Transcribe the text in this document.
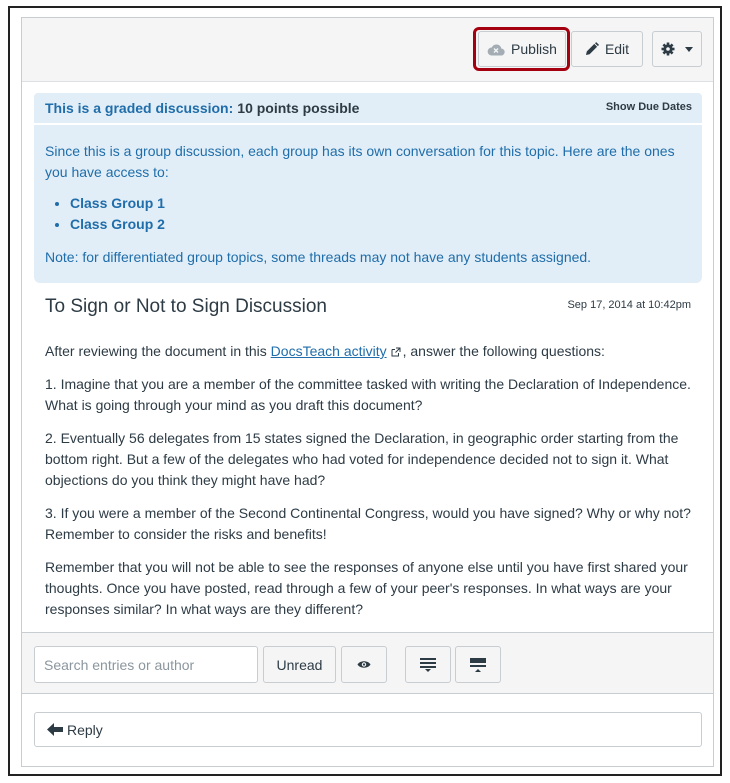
Publish	Edit
This is a graded discussion: 10 points possible	Show Due Dates
Since this is a group discussion, each group has its own conversation for this topic. Here are the ones you have access to:
• Class Group 1
• Class Group 2
Note: for differentiated group topics, some threads may not have any students assigned.
To Sign or Not to Sign Discussion	Sep 17, 2014 at 10:42pm

After reviewing the document in this DocsTeach activity , answer the following questions:

1. Imagine that you are a member of the committee tasked with writing the Declaration of Independence. What is going through your mind as you draft this document?

2. Eventually 56 delegates from 15 states signed the Declaration, in geographic order starting from the bottom right. But a few of the delegates who had voted for independence decided not to sign it. What objections do you think they might have had?

3. If you were a member of the Second Continental Congress, would you have signed? Why or why not? Remember to consider the risks and benefits!

Remember that you will not be able to see the responses of anyone else until you have first shared your thoughts. Once you have posted, read through a few of your peer's responses. In what ways are your responses similar? In what ways are they different?

Search entries or author
Unread
Reply
